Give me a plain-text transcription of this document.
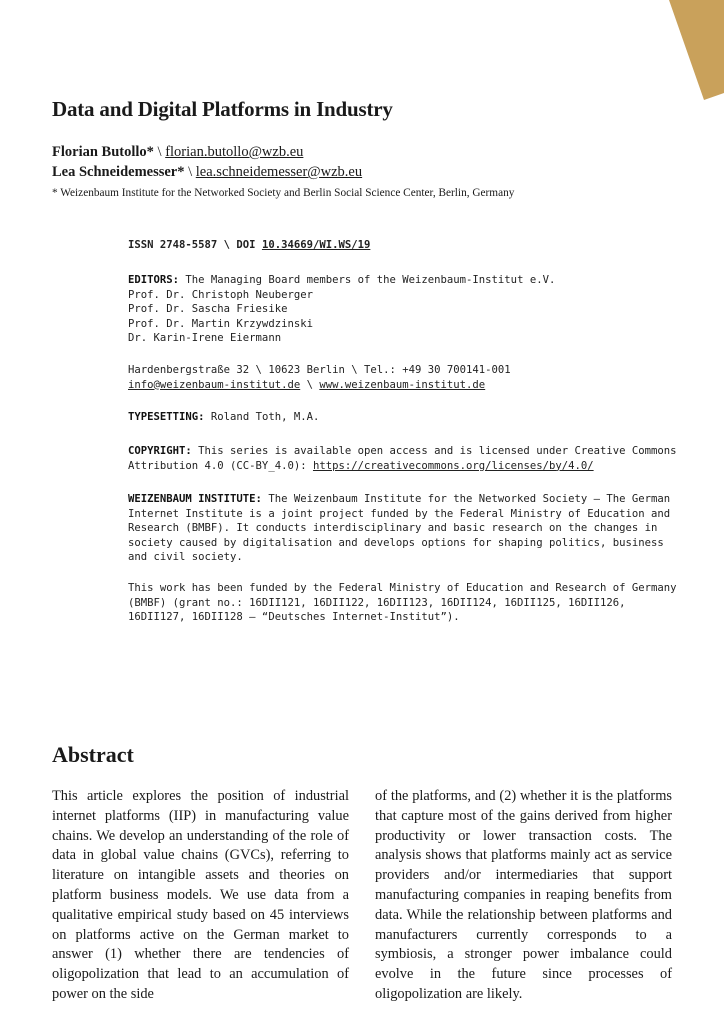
Data and Digital Platforms in Industry
Florian Butollo* \ florian.butollo@wzb.eu
Lea Schneidemesser* \ lea.schneidemesser@wzb.eu
* Weizenbaum Institute for the Networked Society and Berlin Social Science Center, Berlin, Germany
ISSN 2748-5587 \ DOI 10.34669/WI.WS/19
EDITORS: The Managing Board members of the Weizenbaum-Institut e.V.
Prof. Dr. Christoph Neuberger
Prof. Dr. Sascha Friesike
Prof. Dr. Martin Krzywdzinski
Dr. Karin-Irene Eiermann
Hardenbergstraße 32 \ 10623 Berlin \ Tel.: +49 30 700141-001
info@weizenbaum-institut.de \ www.weizenbaum-institut.de
TYPESETTING: Roland Toth, M.A.
COPYRIGHT: This series is available open access and is licensed under Creative Commons Attribution 4.0 (CC-BY_4.0): https://creativecommons.org/licenses/by/4.0/
WEIZENBAUM INSTITUTE: The Weizenbaum Institute for the Networked Society – The German Internet Institute is a joint project funded by the Federal Ministry of Education and Research (BMBF). It conducts interdisciplinary and basic research on the changes in society caused by digitalisation and develops options for shaping politics, business and civil society.
This work has been funded by the Federal Ministry of Education and Research of Germany (BMBF) (grant no.: 16DII121, 16DII122, 16DII123, 16DII124, 16DII125, 16DII126, 16DII127, 16DII128 – “Deutsches Internet-Institut”).
Abstract

This article explores the position of industrial internet platforms (IIP) in manufacturing value chains. We develop an understanding of the role of data in global value chains (GVCs), referring to literature on intangible assets and theories on platform business models. We use data from a qualitative empirical study based on 45 interviews on platforms active on the German market to answer (1) whether there are tendencies of oligopolization that lead to an accumulation of power on the side

of the platforms, and (2) whether it is the platforms that capture most of the gains derived from higher productivity or lower transaction costs. The analysis shows that platforms mainly act as service providers and/or intermediaries that support manufacturing companies in reaping benefits from data. While the relationship between platforms and manufacturers currently corresponds to a symbiosis, a stronger power imbalance could evolve in the future since processes of oligopolization are likely.
